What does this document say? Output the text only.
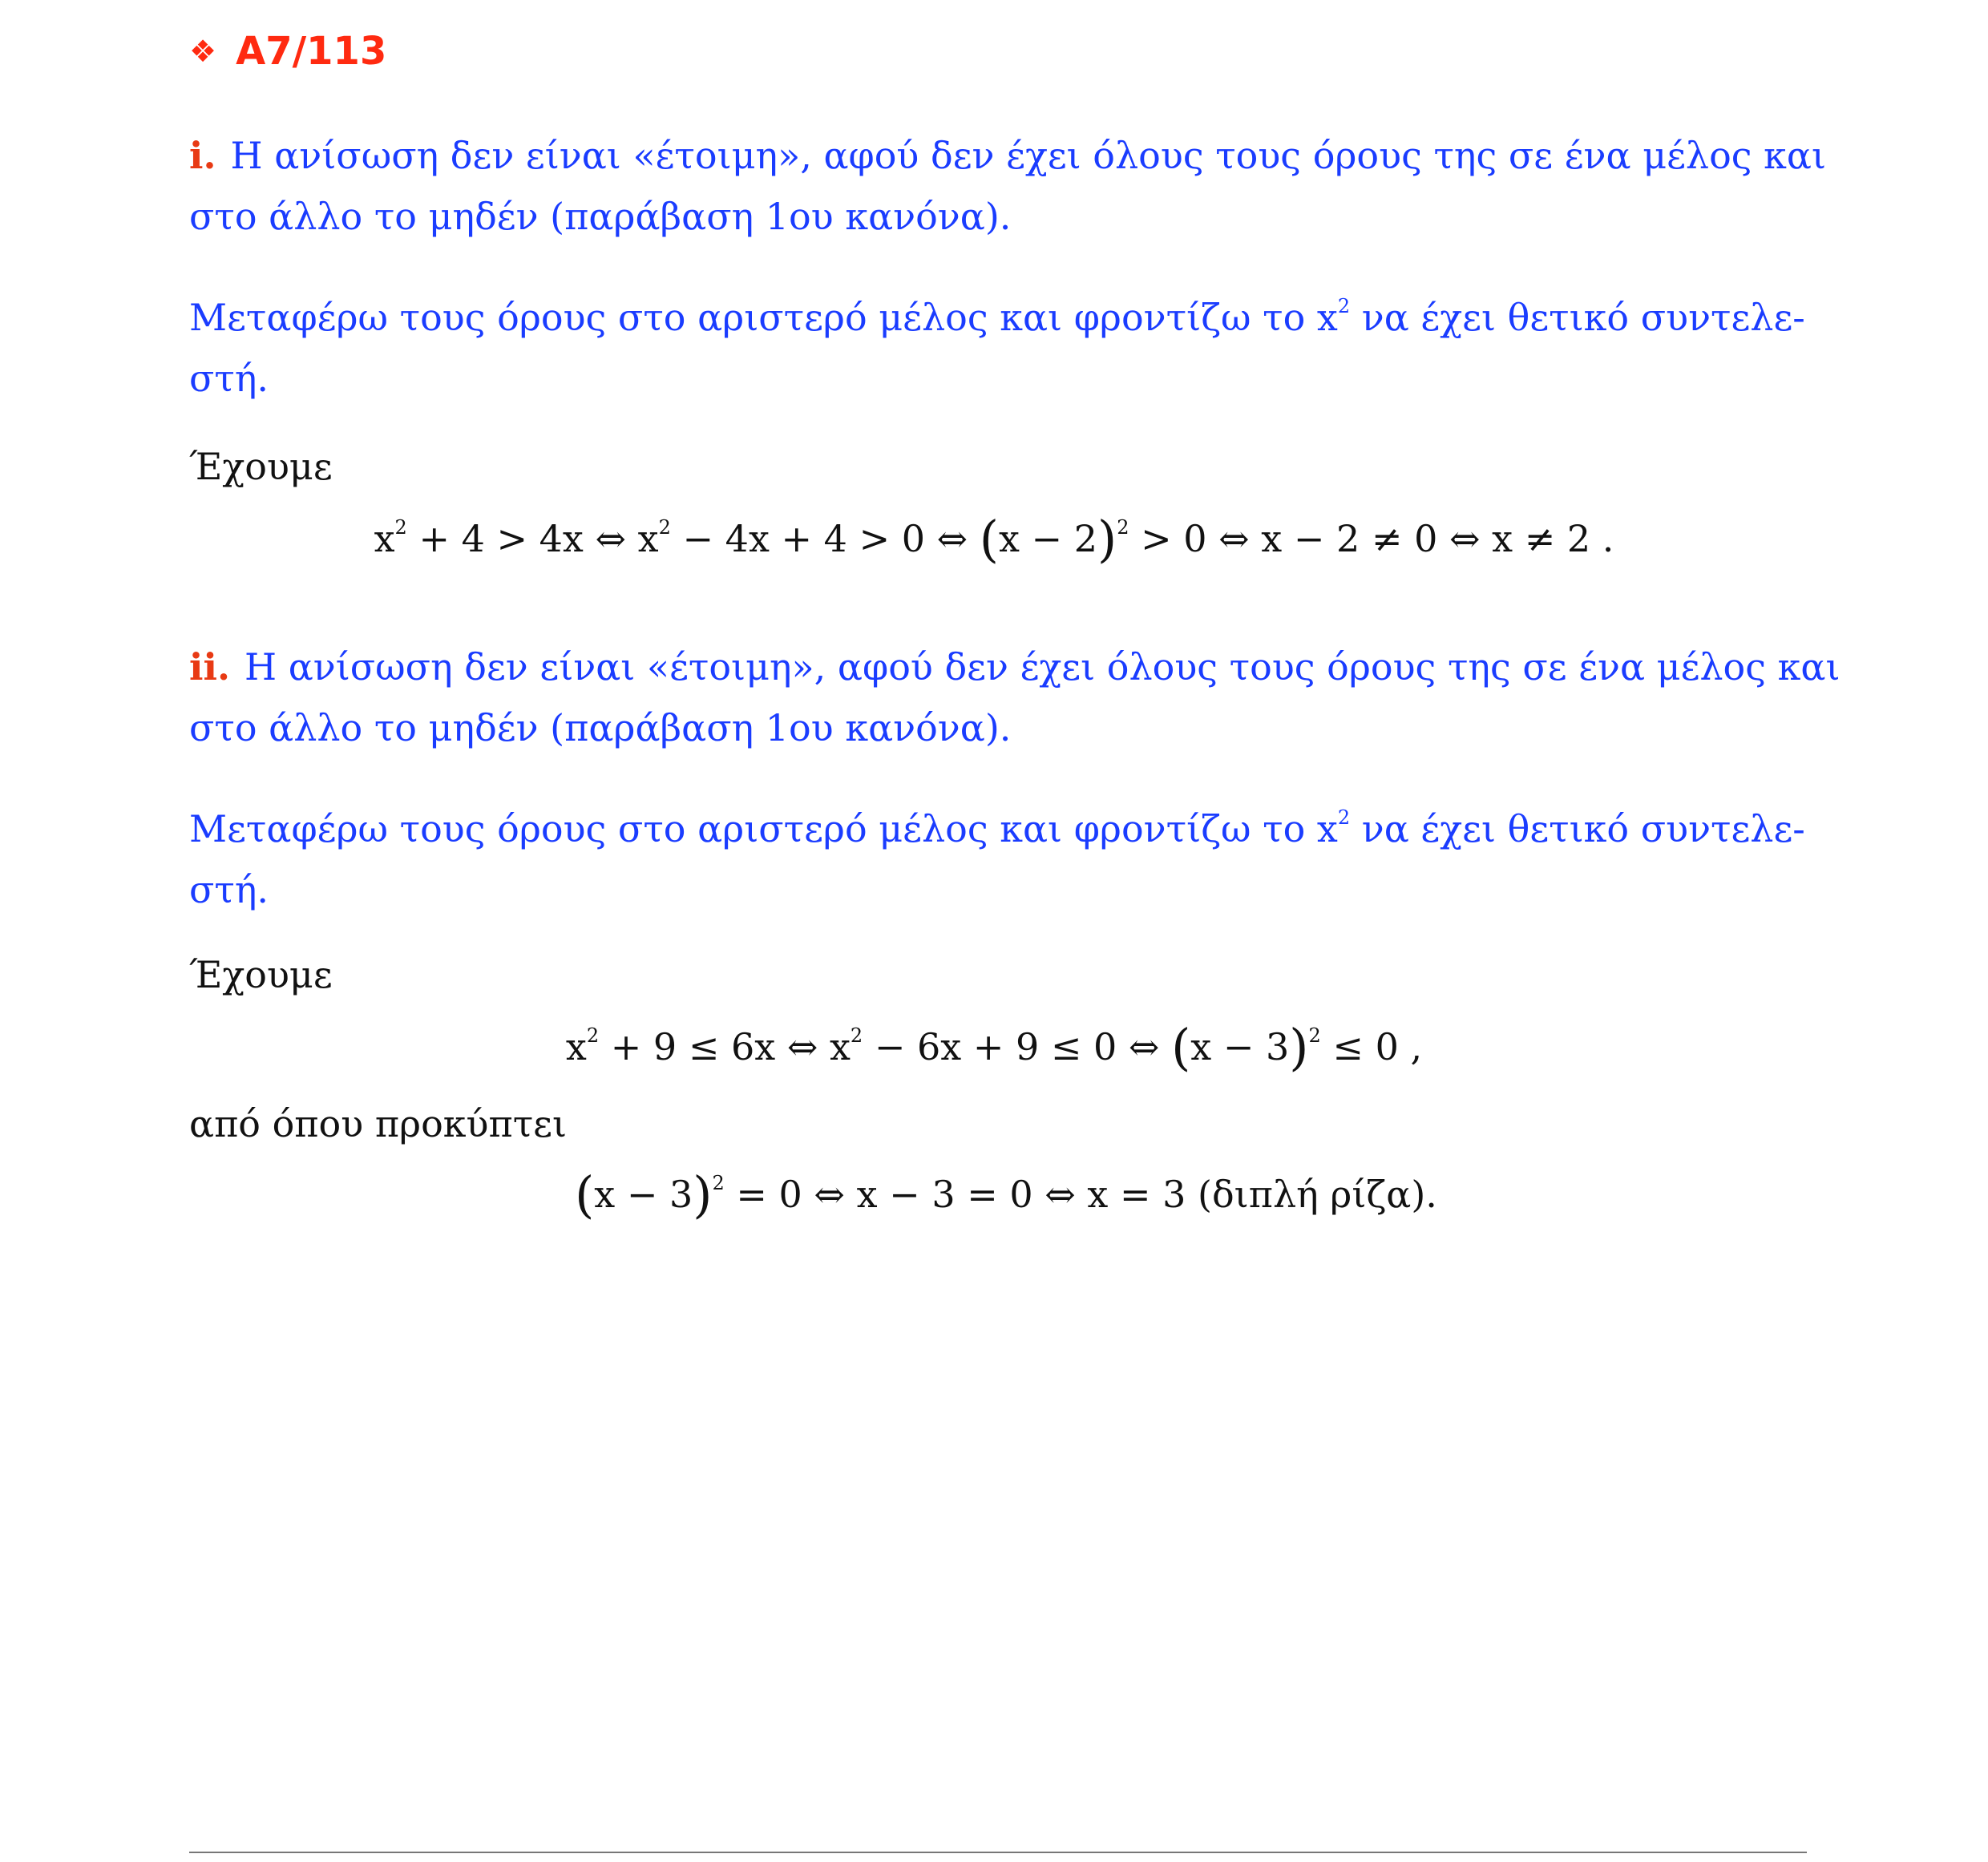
❖ A7/113
i. Η ανίσωση δεν είναι «έτοιμη», αφού δεν έχει όλους τους όρους της σε ένα μέλος και στο άλλο το μηδέν (παράβαση 1ου κανόνα).
Μεταφέρω τους όρους στο αριστερό μέλος και φροντίζω το $x^2$ να έχει θετικό συντελε-στή.
Έχουμε
$x^2 + 4 > 4x$ ⇔ $x^2 - 4x + 4 > 0$ ⇔ $(x - 2)^2 > 0$ ⇔ x − 2 ≠ 0 ⇔ x ≠ 2 .
ii. Η ανίσωση δεν είναι «έτοιμη», αφού δεν έχει όλους τους όρους της σε ένα μέλος και στο άλλο το μηδέν (παράβαση 1ου κανόνα).
Μεταφέρω τους όρους στο αριστερό μέλος και φροντίζω το $x^2$ να έχει θετικό συντελε-στή.
Έχουμε
$x^2 + 9 \le 6x$ ⇔ $x^2 - 6x + 9 \le 0$ ⇔ $(x - 3)^2 \le 0$ ,
από όπου προκύπτει
$(x - 3)^2 = 0$ ⇔ x − 3 = 0 ⇔ x = 3 (διπλή ρίζα).
